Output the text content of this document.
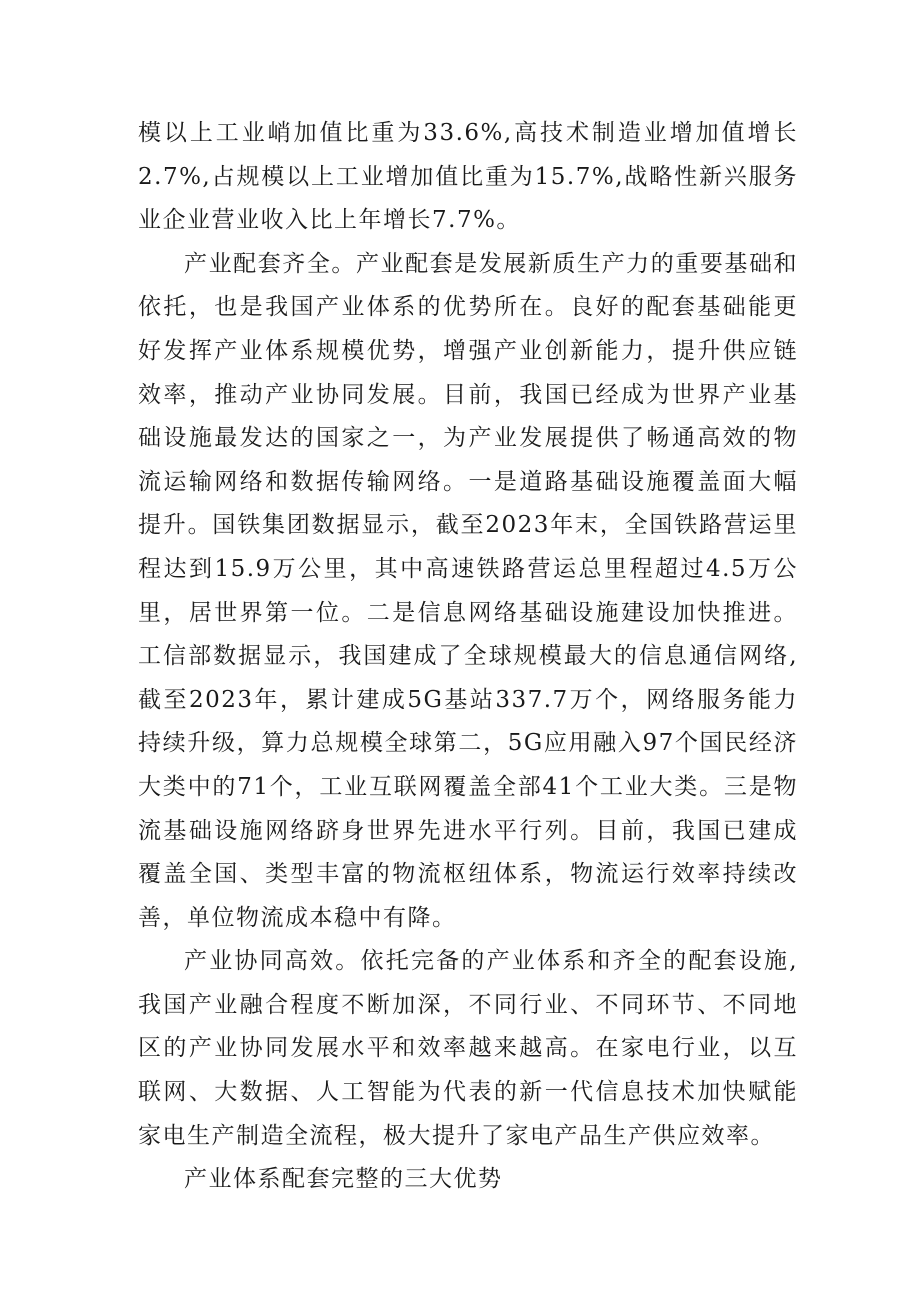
模以上工业峭加值比重为33.6%,高技术制造业增加值增长2.7%,占规模以上工业增加值比重为15.7%,战略性新兴服务业企业营业收入比上年增长7.7%。

产业配套齐全。产业配套是发展新质生产力的重要基础和依托，也是我国产业体系的优势所在。良好的配套基础能更好发挥产业体系规模优势，增强产业创新能力，提升供应链效率，推动产业协同发展。目前，我国已经成为世界产业基础设施最发达的国家之一，为产业发展提供了畅通高效的物流运输网络和数据传输网络。一是道路基础设施覆盖面大幅提升。国铁集团数据显示，截至2023年末，全国铁路营运里程达到15.9万公里，其中高速铁路营运总里程超过4.5万公里，居世界第一位。二是信息网络基础设施建设加快推进。工信部数据显示，我国建成了全球规模最大的信息通信网络,截至2023年，累计建成5G基站337.7万个，网络服务能力持续升级，算力总规模全球第二，5G应用融入97个国民经济大类中的71个，工业互联网覆盖全部41个工业大类。三是物流基础设施网络跻身世界先进水平行列。目前，我国已建成覆盖全国、类型丰富的物流枢纽体系，物流运行效率持续改善，单位物流成本稳中有降。

产业协同高效。依托完备的产业体系和齐全的配套设施,我国产业融合程度不断加深，不同行业、不同环节、不同地区的产业协同发展水平和效率越来越高。在家电行业，以互联网、大数据、人工智能为代表的新一代信息技术加快赋能家电生产制造全流程，极大提升了家电产品生产供应效率。

产业体系配套完整的三大优势
